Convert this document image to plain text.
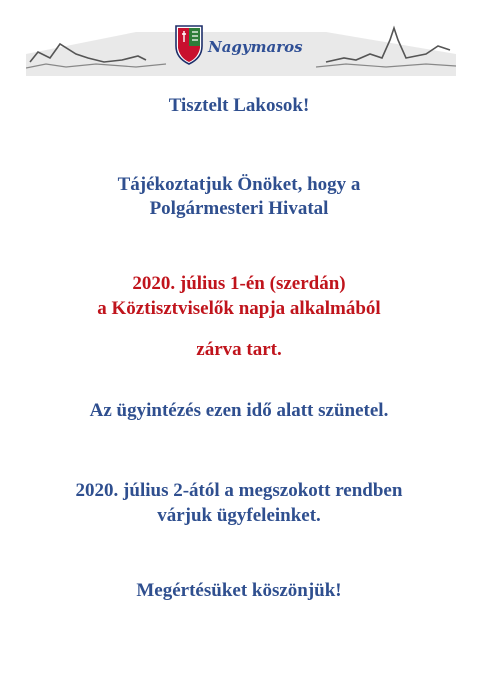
Nagymaros
Tisztelt Lakosok!
Tájékoztatjuk Önöket, hogy a
Polgármesteri Hivatal
2020. július 1-én (szerdán)
a Köztisztviselők napja alkalmából
zárva tart.
Az ügyintézés ezen idő alatt szünetel.
2020. július 2-ától a megszokott rendben
várjuk ügyfeleinket.
Megértésüket köszönjük!
